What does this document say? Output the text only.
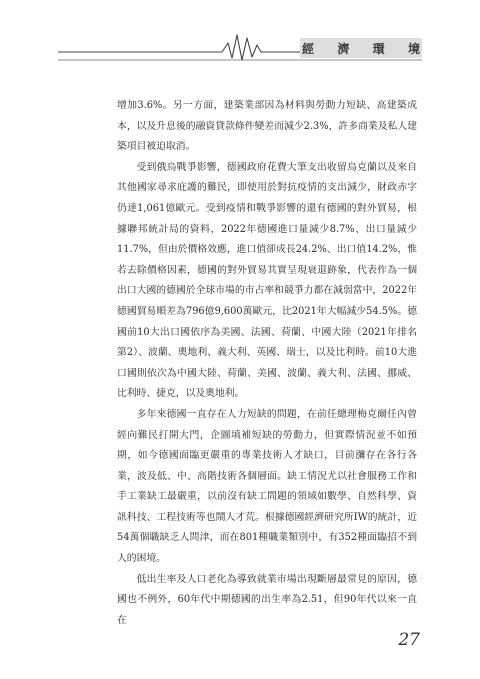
經 濟 環 境

增加3.6%。另一方面，建築業部因為材料與勞動力短缺、高建築成本，以及升息後的融資貸款條件變差而減少2.3%，許多商業及私人建築項目被迫取消。

受到俄烏戰爭影響，德國政府花費大筆支出收留烏克蘭以及來自其他國家尋求庇護的難民，即使用於對抗疫情的支出減少，財政赤字仍達1,061億歐元。受到疫情和戰爭影響的還有德國的對外貿易，根據聯邦統計局的資料，2022年德國進口量減少8.7%、出口量減少11.7%，但由於價格效應，進口值卻成長24.2%、出口值14.2%，惟若去除價格因素，德國的對外貿易其實呈現衰退跡象，代表作為一個出口大國的德國於全球市場的市占率和競爭力都在減弱當中，2022年德國貿易順差為796億9,600萬歐元，比2021年大幅減少54.5%。德國前10大出口國依序為美國、法國、荷蘭、中國大陸（2021年排名第2）、波蘭、奧地利、義大利、英國、瑞士，以及比利時。前10大進口國則依次為中國大陸、荷蘭、美國、波蘭、義大利、法國、挪威、比利時、捷克，以及奧地利。

多年來德國一直存在人力短缺的問題，在前任總理梅克爾任內曾經向難民打開大門，企圖填補短缺的勞動力，但實際情況並不如預期，如今德國面臨更嚴重的專業技術人才缺口，目前瀰存在各行各業，波及低、中、高階技術各個層面。缺工情況尤以社會服務工作和手工業缺工最嚴重，以前沒有缺工問題的領域如數學、自然科學、資訊科技、工程技術等也鬧人才荒。根據德國經濟研究所IW的統計，近54萬個職缺乏人問津，而在801種職業類別中，有352種面臨招不到人的困境。

低出生率及人口老化為導致就業市場出現斷層最常見的原因，德國也不例外，60年代中期德國的出生率為2.51，但90年代以來一直在

27
